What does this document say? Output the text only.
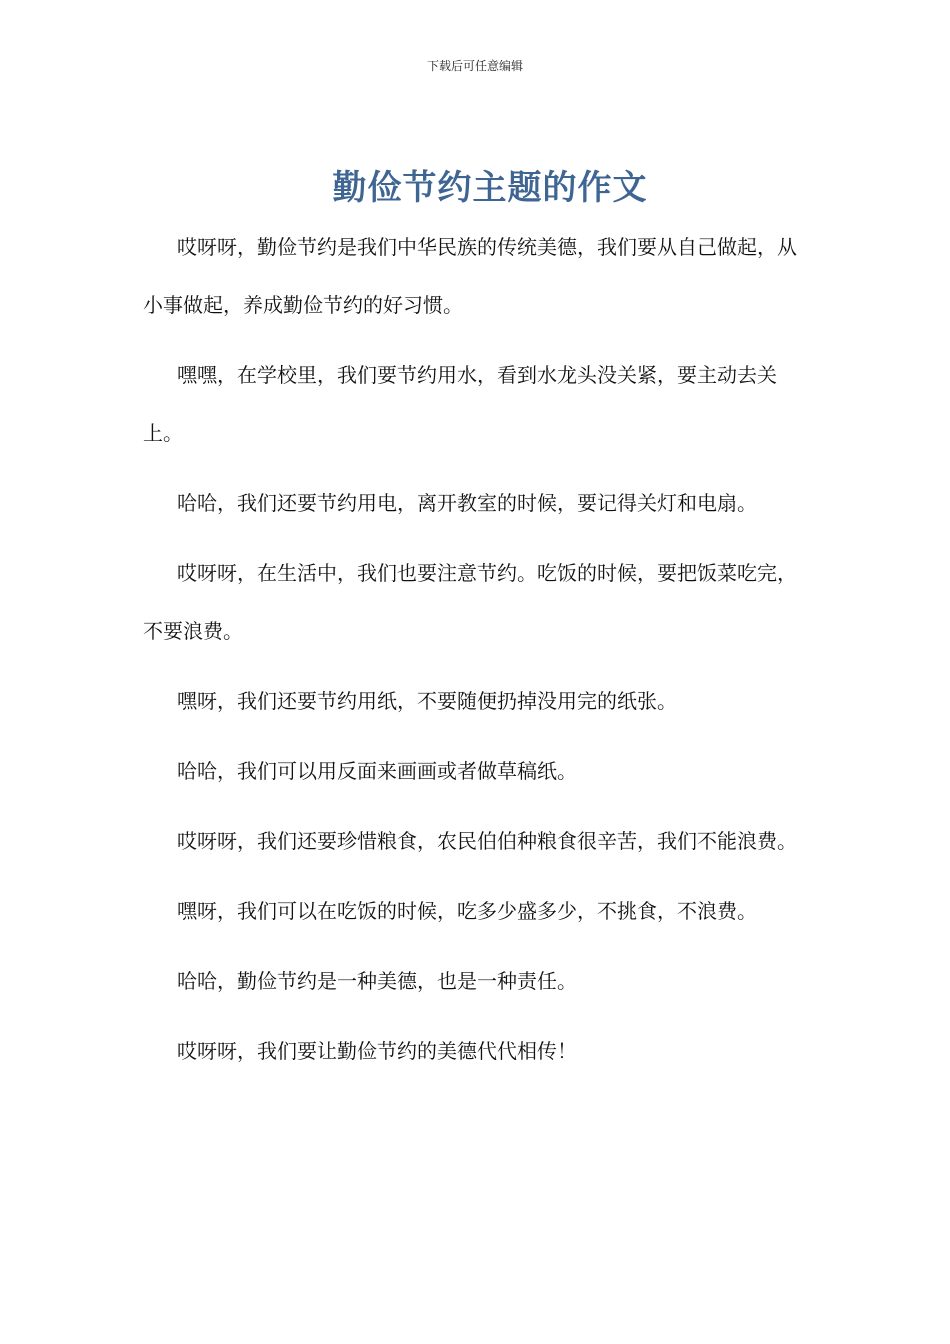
下载后可任意编辑
勤俭节约主题的作文

哎呀呀，勤俭节约是我们中华民族的传统美德，我们要从自己做起，从小事做起，养成勤俭节约的好习惯。

嘿嘿，在学校里，我们要节约用水，看到水龙头没关紧，要主动去关上。

哈哈，我们还要节约用电，离开教室的时候，要记得关灯和电扇。

哎呀呀，在生活中，我们也要注意节约。吃饭的时候，要把饭菜吃完，不要浪费。

嘿呀，我们还要节约用纸，不要随便扔掉没用完的纸张。

哈哈，我们可以用反面来画画或者做草稿纸。

哎呀呀，我们还要珍惜粮食，农民伯伯种粮食很辛苦，我们不能浪费。

嘿呀，我们可以在吃饭的时候，吃多少盛多少，不挑食，不浪费。

哈哈，勤俭节约是一种美德，也是一种责任。

哎呀呀，我们要让勤俭节约的美德代代相传！
